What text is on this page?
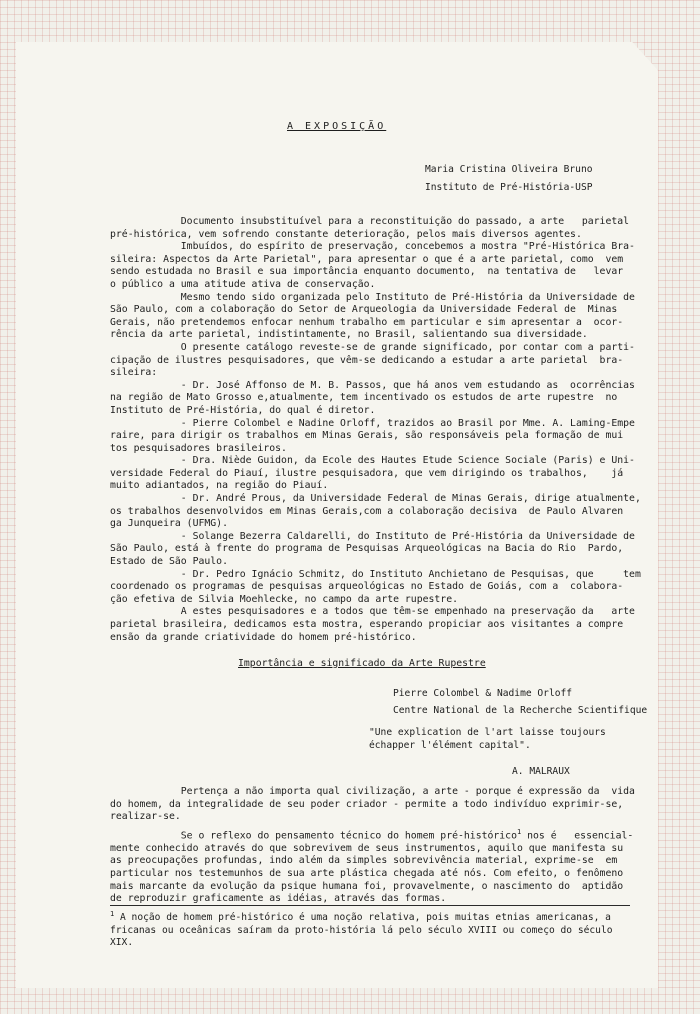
A EXPOSIÇÃO
Maria Cristina Oliveira Bruno
Instituto de Pré-História-USP
Documento insubstituível para a reconstituição do passado, a arte   parietal
pré-histórica, vem sofrendo constante deterioração, pelos mais diversos agentes.
Imbuídos, do espírito de preservação, concebemos a mostra "Pré-Histórica Bra-
sileira: Aspectos da Arte Parietal", para apresentar o que é a arte parietal, como  vem
sendo estudada no Brasil e sua importância enquanto documento,  na tentativa de   levar
o público a uma atitude ativa de conservação.
Mesmo tendo sido organizada pelo Instituto de Pré-História da Universidade de
São Paulo, com a colaboração do Setor de Arqueologia da Universidade Federal de  Minas
Gerais, não pretendemos enfocar nenhum trabalho em particular e sim apresentar a  ocor-
rência da arte parietal, indistintamente, no Brasil, salientando sua diversidade.
O presente catálogo reveste-se de grande significado, por contar com a parti-
cipação de ilustres pesquisadores, que vêm-se dedicando a estudar a arte parietal  bra-
sileira:
- Dr. José Affonso de M. B. Passos, que há anos vem estudando as  ocorrências
na região de Mato Grosso e,atualmente, tem incentivado os estudos de arte rupestre  no
Instituto de Pré-História, do qual é diretor.
- Pierre Colombel e Nadine Orloff, trazidos ao Brasil por Mme. A. Laming-Empe
raire, para dirigir os trabalhos em Minas Gerais, são responsáveis pela formação de mui
tos pesquisadores brasileiros.
- Dra. Niède Guidon, da Ecole des Hautes Etude Science Sociale (Paris) e Uni-
versidade Federal do Piauí, ilustre pesquisadora, que vem dirigindo os trabalhos,    já
muito adiantados, na região do Piauí.
- Dr. André Prous, da Universidade Federal de Minas Gerais, dirige atualmente,
os trabalhos desenvolvidos em Minas Gerais,com a colaboração decisiva  de Paulo Alvaren
ga Junqueira (UFMG).
- Solange Bezerra Caldarelli, do Instituto de Pré-História da Universidade de
São Paulo, está à frente do programa de Pesquisas Arqueológicas na Bacia do Rio  Pardo,
Estado de São Paulo.
- Dr. Pedro Ignácio Schmitz, do Instituto Anchietano de Pesquisas, que     tem
coordenado os programas de pesquisas arqueológicas no Estado de Goiás, com a  colabora-
ção efetiva de Silvia Moehlecke, no campo da arte rupestre.
A estes pesquisadores e a todos que têm-se empenhado na preservação da   arte
parietal brasileira, dedicamos esta mostra, esperando propiciar aos visitantes a compre
ensão da grande criatividade do homem pré-histórico.
Importância e significado da Arte Rupestre
Pierre Colombel & Nadime Orloff
Centre National de la Recherche Scientifique
"Une explication de l'art laisse toujours
échapper l'élément capital".
A. MALRAUX
Pertença a não importa qual civilização, a arte - porque é expressão da  vida
do homem, da integralidade de seu poder criador - permite a todo indivíduo exprimir-se,
realizar-se.
Se o reflexo do pensamento técnico do homem pré-histórico$^1$ nos é   essencial-
mente conhecido através do que sobrevivem de seus instrumentos, aquilo que manifesta su
as preocupações profundas, indo além da simples sobrevivência material, exprime-se  em
particular nos testemunhos de sua arte plástica chegada até nós. Com efeito, o fenômeno
mais marcante da evolução da psique humana foi, provavelmente, o nascimento do  aptidão
de reproduzir graficamente as idéias, através das formas.
$^1$ A noção de homem pré-histórico é uma noção relativa, pois muitas etnias americanas, a
fricanas ou oceânicas saíram da proto-história lá pelo século XVIII ou começo do século
XIX.
